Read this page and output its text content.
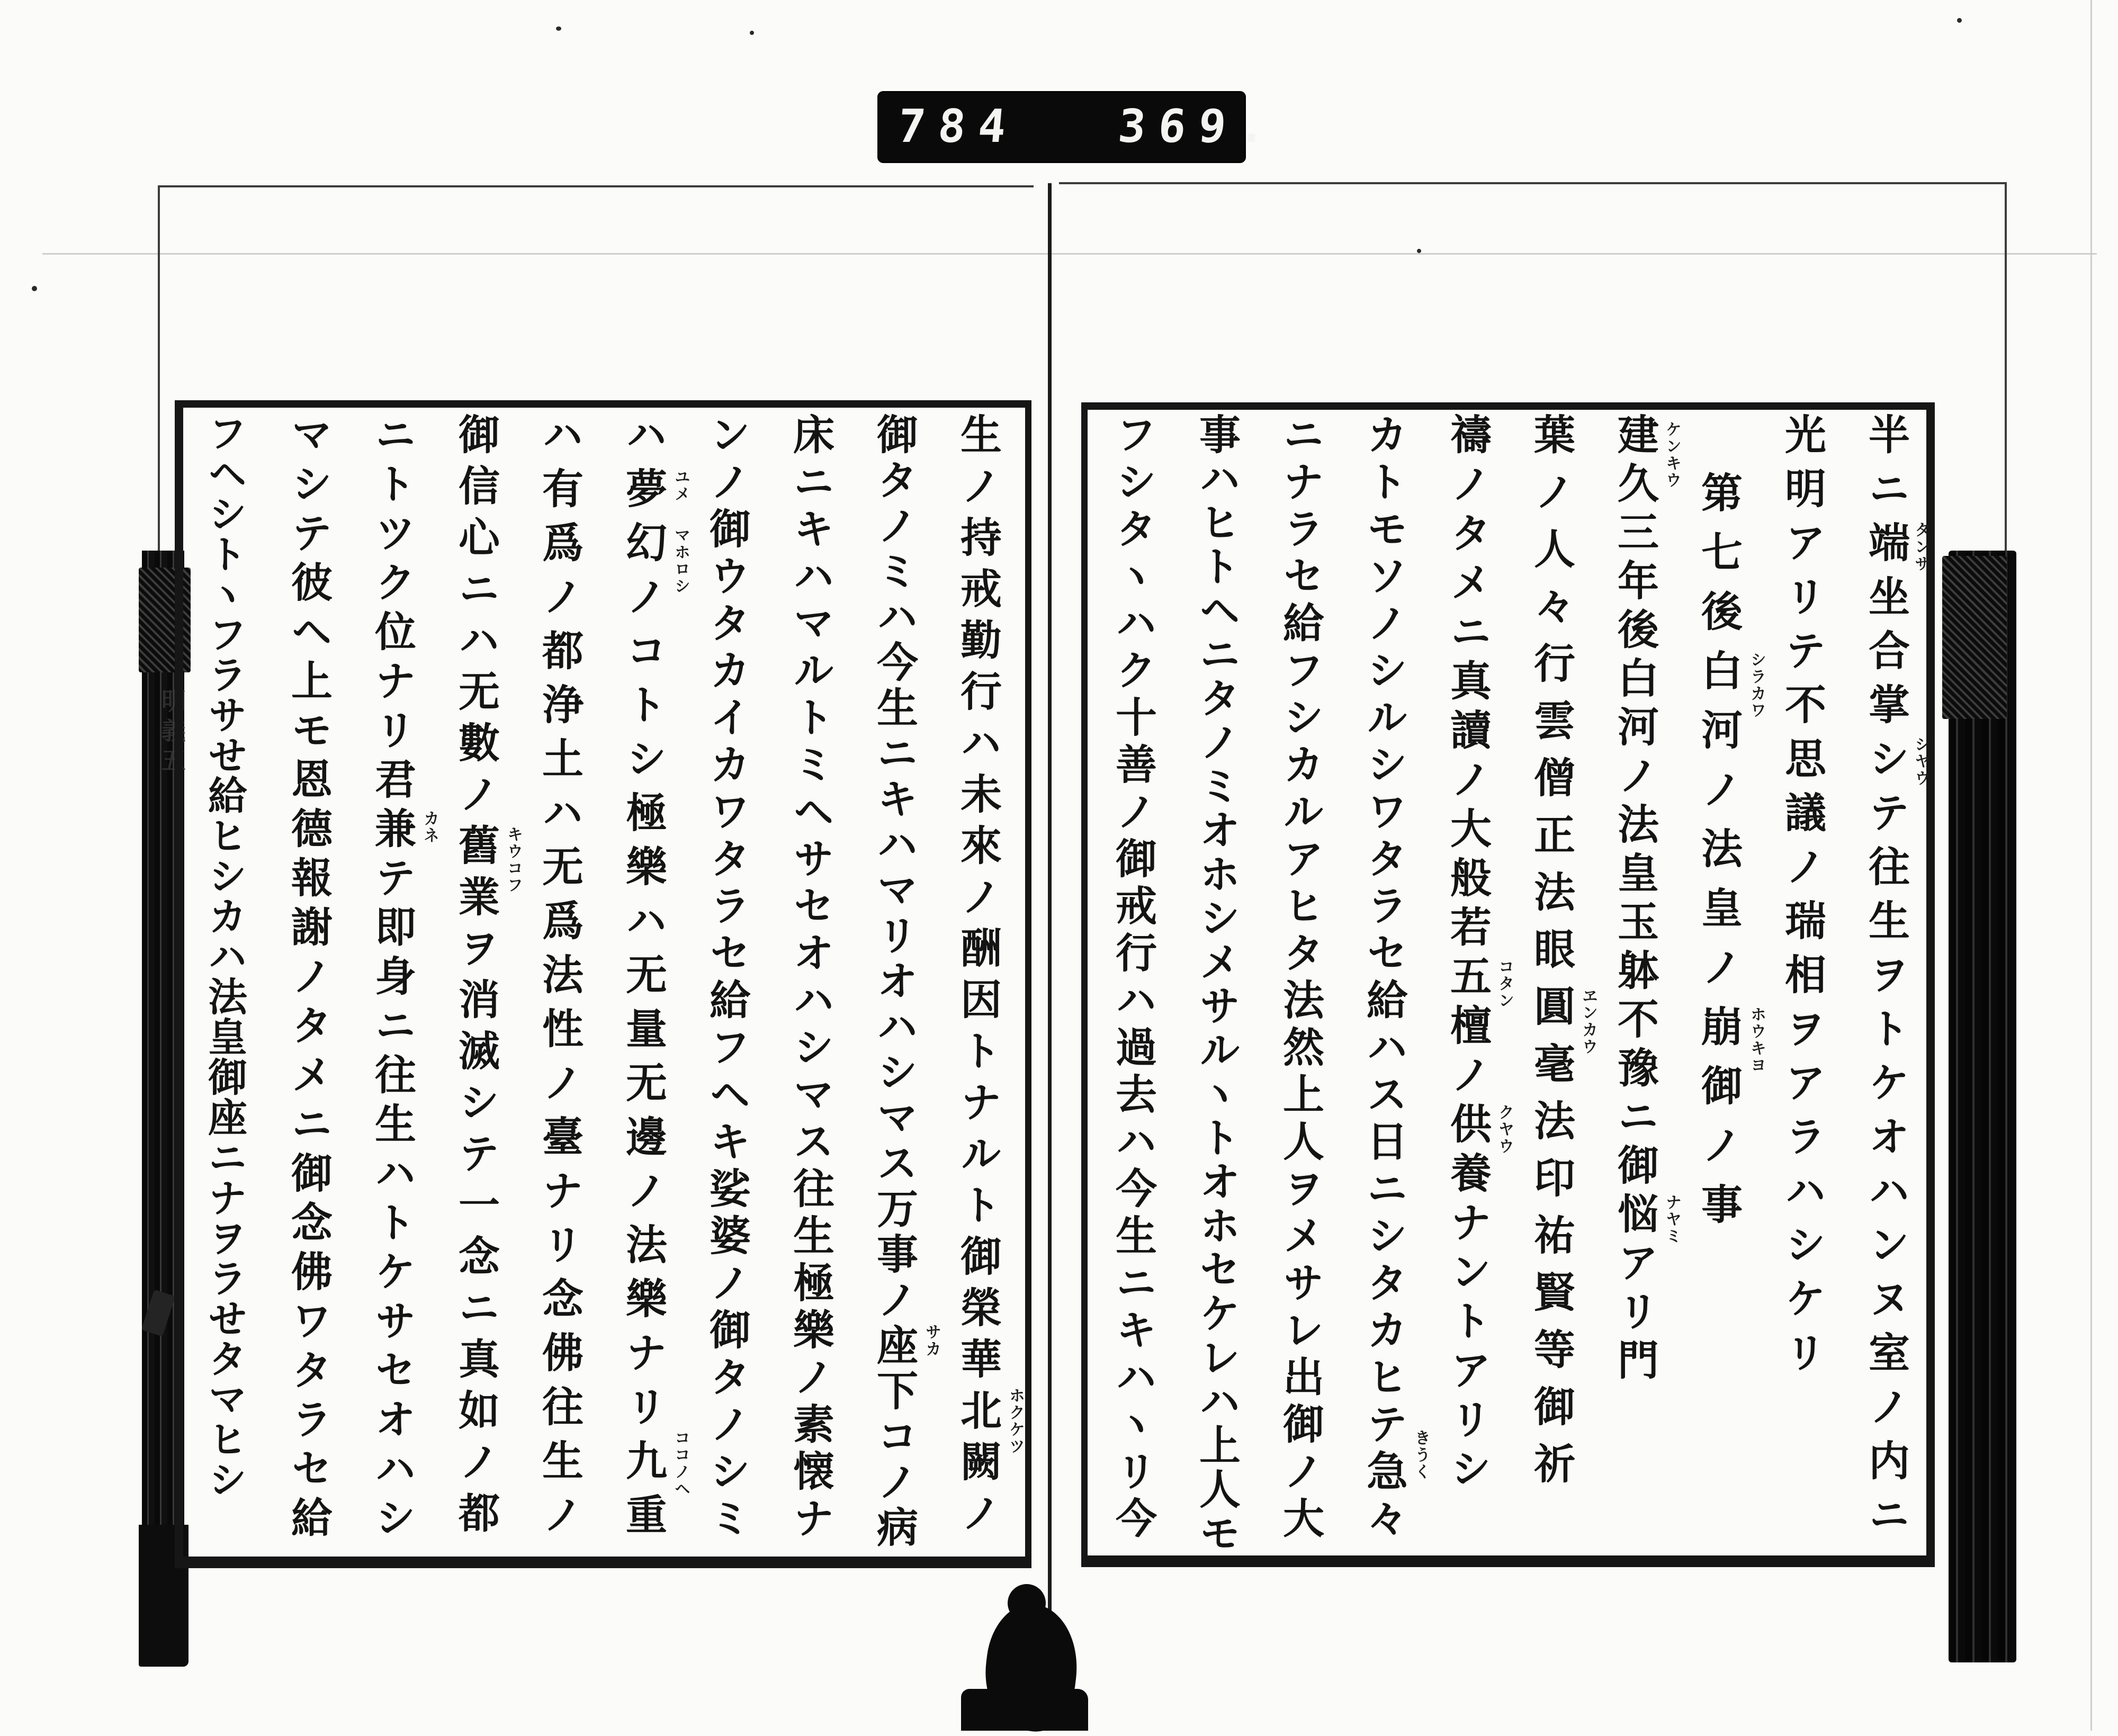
784 369.
明義五	半ニ端坐合掌シテ往生ヲトケオハンヌ室ノ内ニ
光明アリテ不思議ノ瑞相ヲアラハシケリ
第七後白河ノ法皇ノ崩御ノ事
建久三年後白河ノ法皇玉躰不豫ニ御悩アリ門
葉ノ人々行雲僧正法眼圓毫法印祐賢等御祈
禱ノタメニ真讀ノ大般若五檀ノ供養ナントアリシ
カトモソノシルシワタラセ給ハス日ニシタカヒテ急々
ニナラセ給フシカルアヒタ法然上人ヲメサレ出御ノ大
事ハヒトヘニタノミオホシメサルヽトオホセケレハ上人モ
フシタヽハク十善ノ御戒行ハ過去ハ今生ニキハヽリ今	タンサ
シヤウ
シラカワ
ホウキヨ
ケンキウ
ナヤミ
ヱンカウ
コタン
クヤウ
きうく
生ノ持戒勤行ハ未來ノ酬因トナルト御榮華北闕ノ
御タノミハ今生ニキハマリオハシマス万事ノ座下コノ病
床ニキハマルトミヘサセオハシマス往生極樂ノ素懐ナ
ンノ御ウタカイカワタラセ給フヘキ娑婆ノ御タノシミ
ハ夢幻ノコトシ極樂ハ无量无邊ノ法樂ナリ九重
ハ有爲ノ都浄土ハ无爲法性ノ臺ナリ念佛往生ノ
御信心ニハ无數ノ舊業ヲ消滅シテ一念ニ真如ノ都
ニトツク位ナリ君兼テ即身ニ往生ハトケサセオハシ
マシテ彼ヘ上モ恩德報謝ノタメニ御念佛ワタラセ給
フヘシトヽフラサせ給ヒシカハ法皇御座ニナヲラせタマヒシ	ホクケツ
サカ
ユメ
マホロシ
ココノヘ
キウコフ
カネ
